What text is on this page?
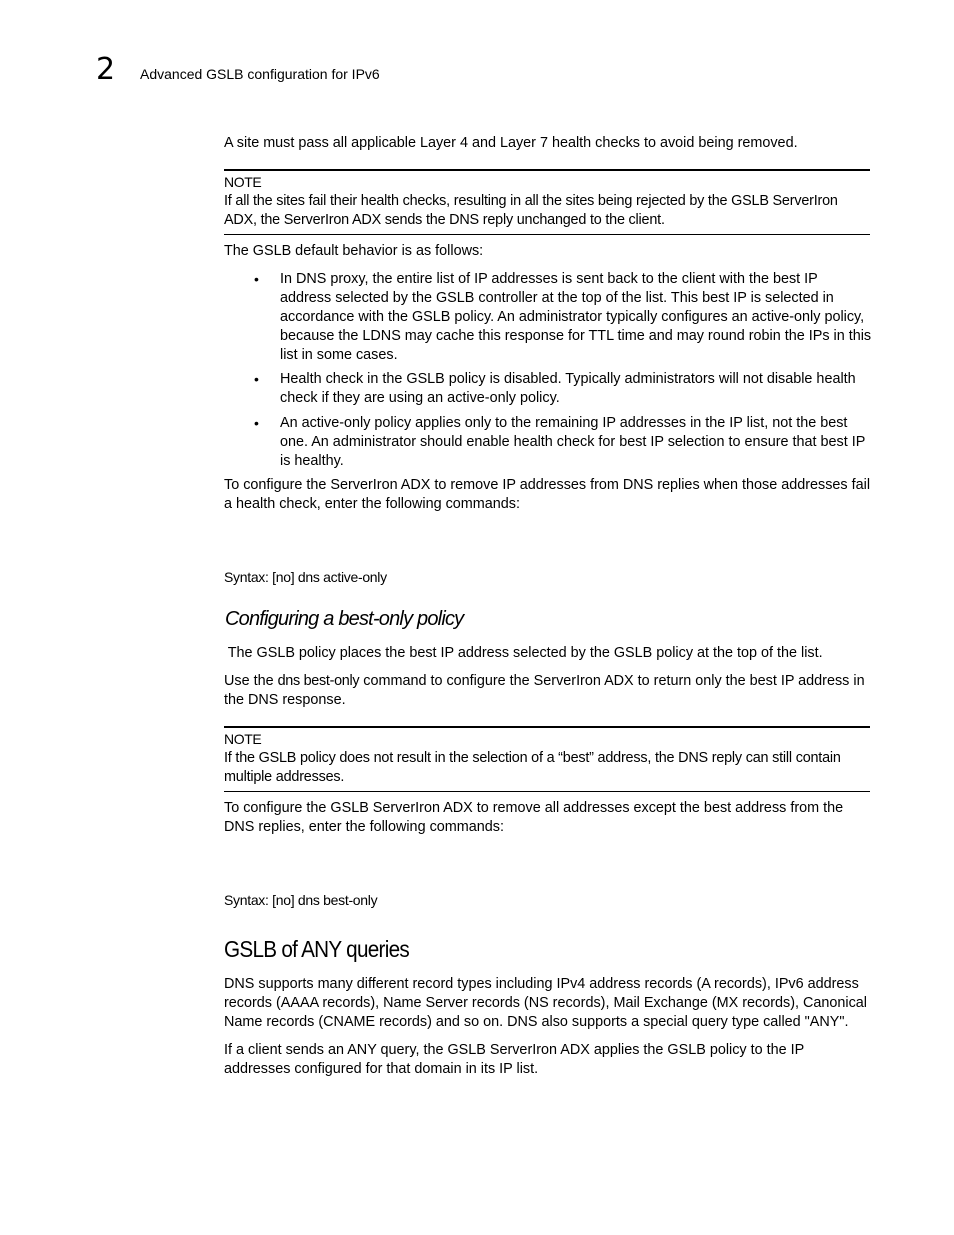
2 Advanced GSLB configuration for IPv6

A site must pass all applicable Layer 4 and Layer 7 health checks to avoid being removed.

NOTE
If all the sites fail their health checks, resulting in all the sites being rejected by the GSLB ServerIron ADX, the ServerIron ADX sends the DNS reply unchanged to the client.

The GSLB default behavior is as follows:

• In DNS proxy, the entire list of IP addresses is sent back to the client with the best IP address selected by the GSLB controller at the top of the list. This best IP is selected in accordance with the GSLB policy. An administrator typically configures an active-only policy, because the LDNS may cache this response for TTL time and may round robin the IPs in this list in some cases.

• Health check in the GSLB policy is disabled. Typically administrators will not disable health check if they are using an active-only policy.

• An active-only policy applies only to the remaining IP addresses in the IP list, not the best one. An administrator should enable health check for best IP selection to ensure that best IP is healthy.

To configure the ServerIron ADX to remove IP addresses from DNS replies when those addresses fail a health check, enter the following commands:

Syntax: [no] dns active-only
Configuring a best-only policy

The GSLB policy places the best IP address selected by the GSLB policy at the top of the list.

Use the dns best-only command to configure the ServerIron ADX to return only the best IP address in the DNS response.

NOTE
If the GSLB policy does not result in the selection of a “best” address, the DNS reply can still contain multiple addresses.

To configure the GSLB ServerIron ADX to remove all addresses except the best address from the DNS replies, enter the following commands:

Syntax: [no] dns best-only
GSLB of ANY queries

DNS supports many different record types including IPv4 address records (A records), IPv6 address records (AAAA records), Name Server records (NS records), Mail Exchange (MX records), Canonical Name records (CNAME records) and so on. DNS also supports a special query type called "ANY".

If a client sends an ANY query, the GSLB ServerIron ADX applies the GSLB policy to the IP addresses configured for that domain in its IP list.
